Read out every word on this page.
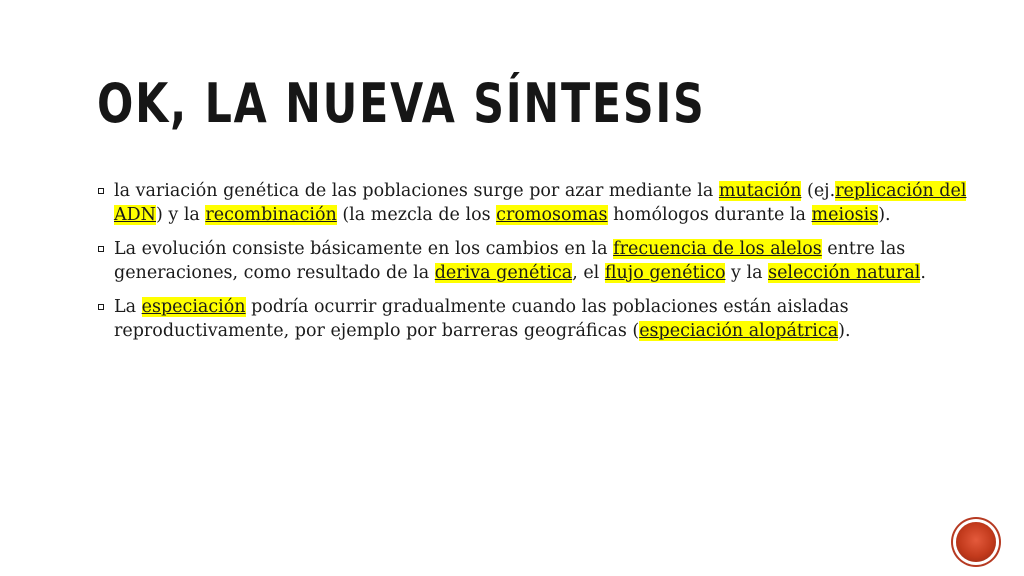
OK, LA NUEVA SÍNTESIS
la variación genética de las poblaciones surge por azar mediante la mutación (ej.replicación del ADN) y la recombinación (la mezcla de los cromosomas homólogos durante la meiosis).
La evolución consiste básicamente en los cambios en la frecuencia de los alelos entre las generaciones, como resultado de la deriva genética, el flujo genético y la selección natural.
La especiación podría ocurrir gradualmente cuando las poblaciones están aisladas reproductivamente, por ejemplo por barreras geográficas (especiación alopátrica).
